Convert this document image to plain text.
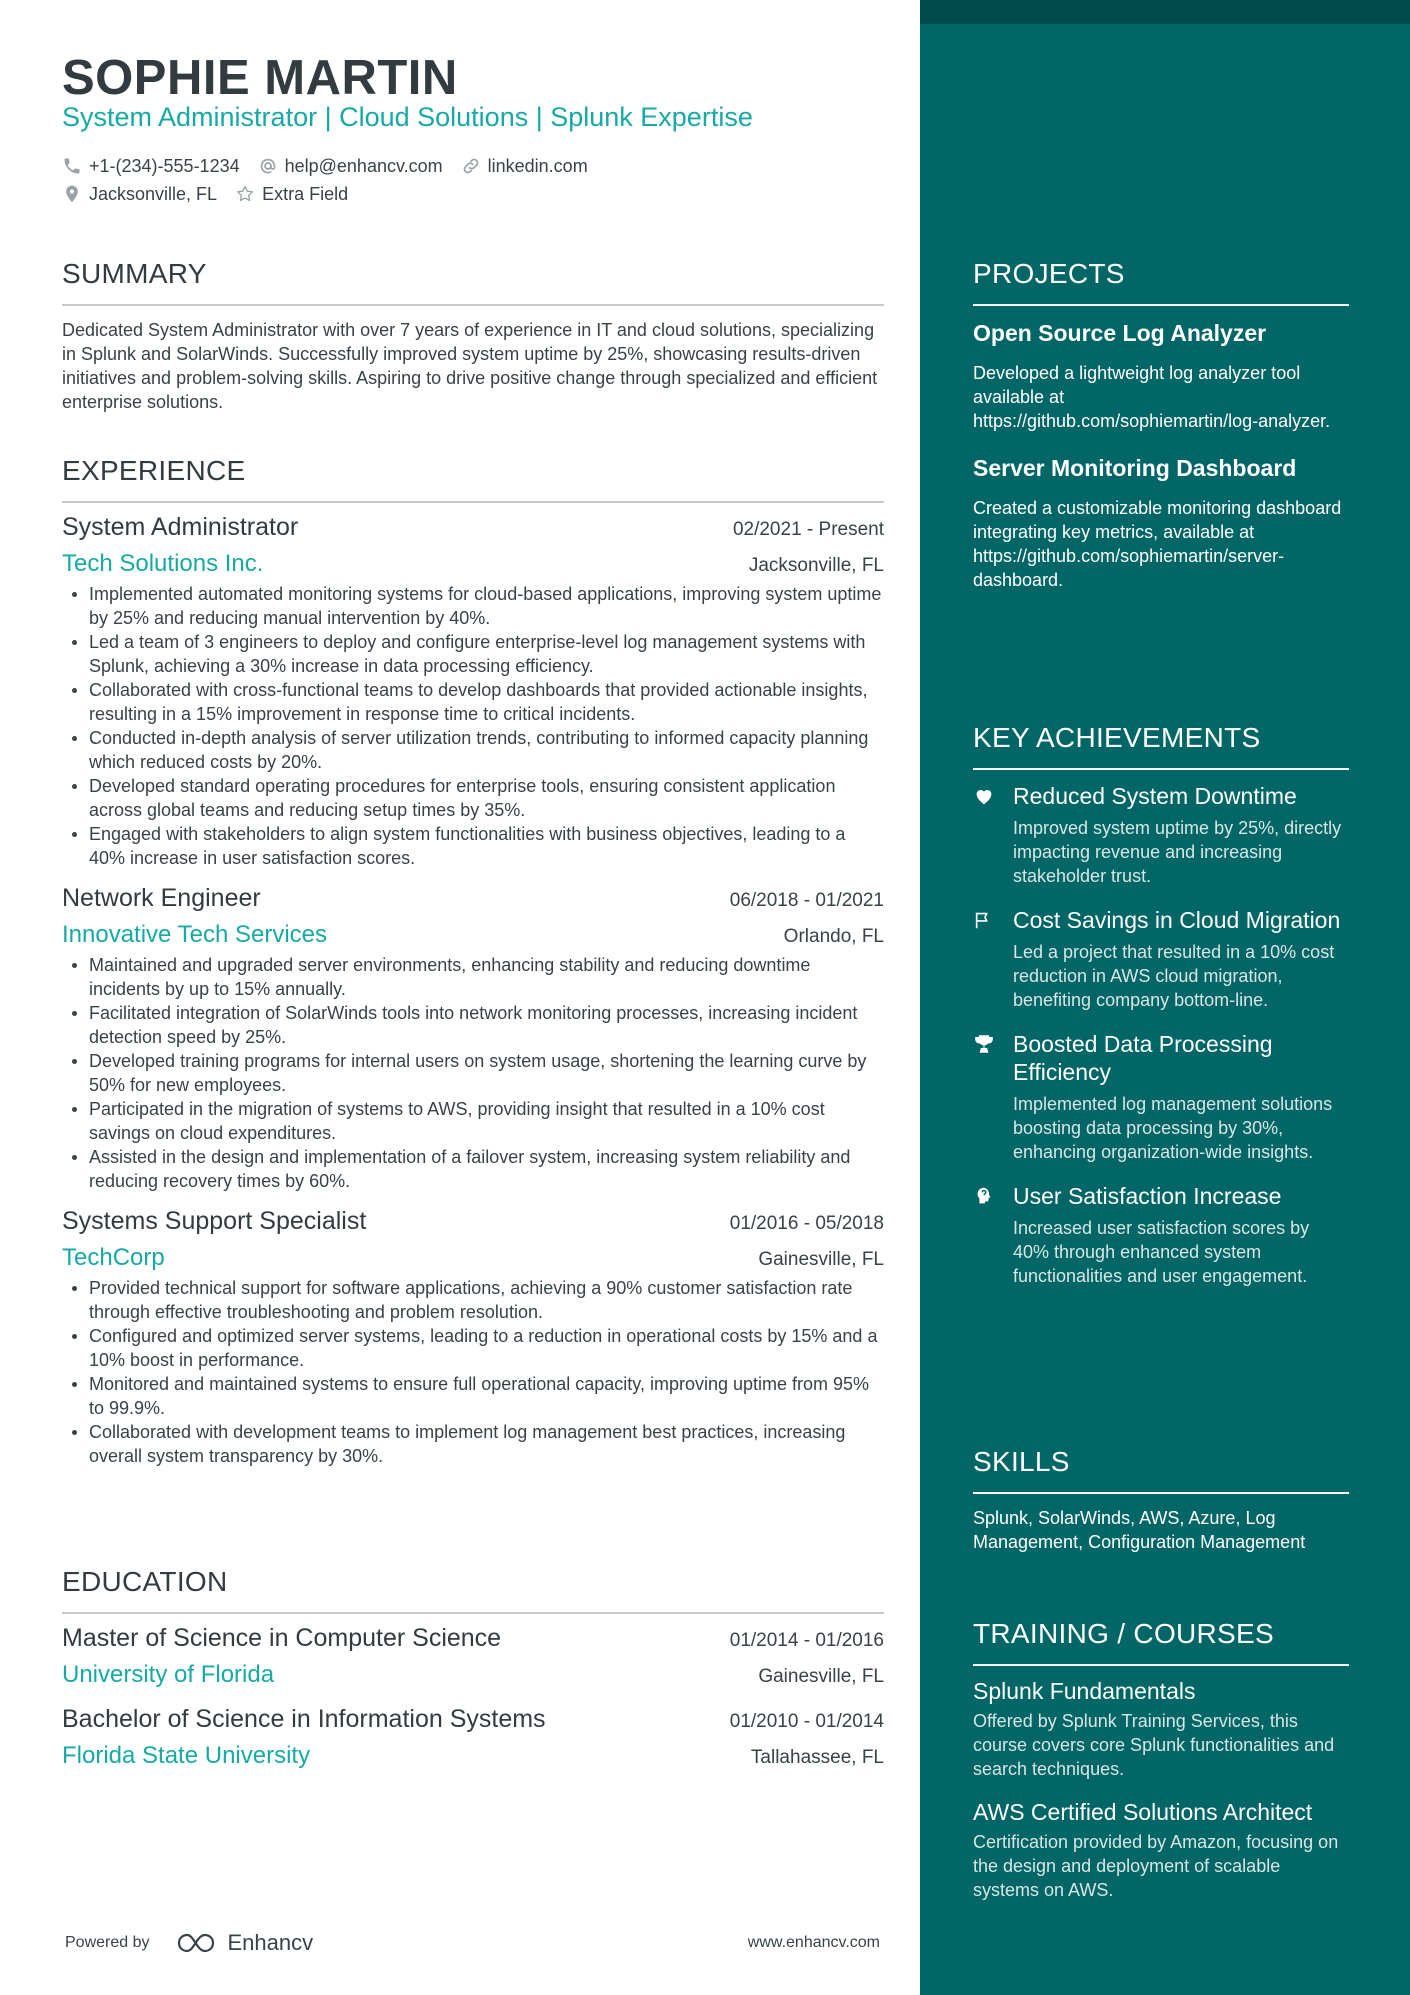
SOPHIE MARTIN
System Administrator | Cloud Solutions | Splunk Expertise
+1-(234)-555-1234	help@enhancv.com	linkedin.com
Jacksonville, FL	Extra Field
SUMMARY
Dedicated System Administrator with over 7 years of experience in IT and cloud solutions, specializing in Splunk and SolarWinds. Successfully improved system uptime by 25%, showcasing results-driven initiatives and problem-solving skills. Aspiring to drive positive change through specialized and efficient enterprise solutions.
EXPERIENCE
System Administrator	02/2021 - Present
Tech Solutions Inc.	Jacksonville, FL
Implemented automated monitoring systems for cloud-based applications, improving system uptime by 25% and reducing manual intervention by 40%.
Led a team of 3 engineers to deploy and configure enterprise-level log management systems with Splunk, achieving a 30% increase in data processing efficiency.
Collaborated with cross-functional teams to develop dashboards that provided actionable insights, resulting in a 15% improvement in response time to critical incidents.
Conducted in-depth analysis of server utilization trends, contributing to informed capacity planning which reduced costs by 20%.
Developed standard operating procedures for enterprise tools, ensuring consistent application across global teams and reducing setup times by 35%.
Engaged with stakeholders to align system functionalities with business objectives, leading to a 40% increase in user satisfaction scores.
Network Engineer	06/2018 - 01/2021
Innovative Tech Services	Orlando, FL
Maintained and upgraded server environments, enhancing stability and reducing downtime incidents by up to 15% annually.
Facilitated integration of SolarWinds tools into network monitoring processes, increasing incident detection speed by 25%.
Developed training programs for internal users on system usage, shortening the learning curve by 50% for new employees.
Participated in the migration of systems to AWS, providing insight that resulted in a 10% cost savings on cloud expenditures.
Assisted in the design and implementation of a failover system, increasing system reliability and reducing recovery times by 60%.
Systems Support Specialist	01/2016 - 05/2018
TechCorp	Gainesville, FL
Provided technical support for software applications, achieving a 90% customer satisfaction rate through effective troubleshooting and problem resolution.
Configured and optimized server systems, leading to a reduction in operational costs by 15% and a 10% boost in performance.
Monitored and maintained systems to ensure full operational capacity, improving uptime from 95% to 99.9%.
Collaborated with development teams to implement log management best practices, increasing overall system transparency by 30%.
EDUCATION
Master of Science in Computer Science	01/2014 - 01/2016
University of Florida	Gainesville, FL
Bachelor of Science in Information Systems	01/2010 - 01/2014
Florida State University	Tallahassee, FL
Powered by	Enhancv	www.enhancv.com
PROJECTS
Open Source Log Analyzer
Developed a lightweight log analyzer tool available at https://github.com/sophiemartin/log-analyzer.
Server Monitoring Dashboard
Created a customizable monitoring dashboard integrating key metrics, available at https://github.com/sophiemartin/server-dashboard.
KEY ACHIEVEMENTS
Reduced System Downtime
Improved system uptime by 25%, directly impacting revenue and increasing stakeholder trust.
Cost Savings in Cloud Migration
Led a project that resulted in a 10% cost reduction in AWS cloud migration, benefiting company bottom-line.
Boosted Data Processing Efficiency
Implemented log management solutions boosting data processing by 30%, enhancing organization-wide insights.
User Satisfaction Increase
Increased user satisfaction scores by 40% through enhanced system functionalities and user engagement.
SKILLS
Splunk, SolarWinds, AWS, Azure, Log Management, Configuration Management
TRAINING / COURSES
Splunk Fundamentals
Offered by Splunk Training Services, this course covers core Splunk functionalities and search techniques.
AWS Certified Solutions Architect
Certification provided by Amazon, focusing on the design and deployment of scalable systems on AWS.
